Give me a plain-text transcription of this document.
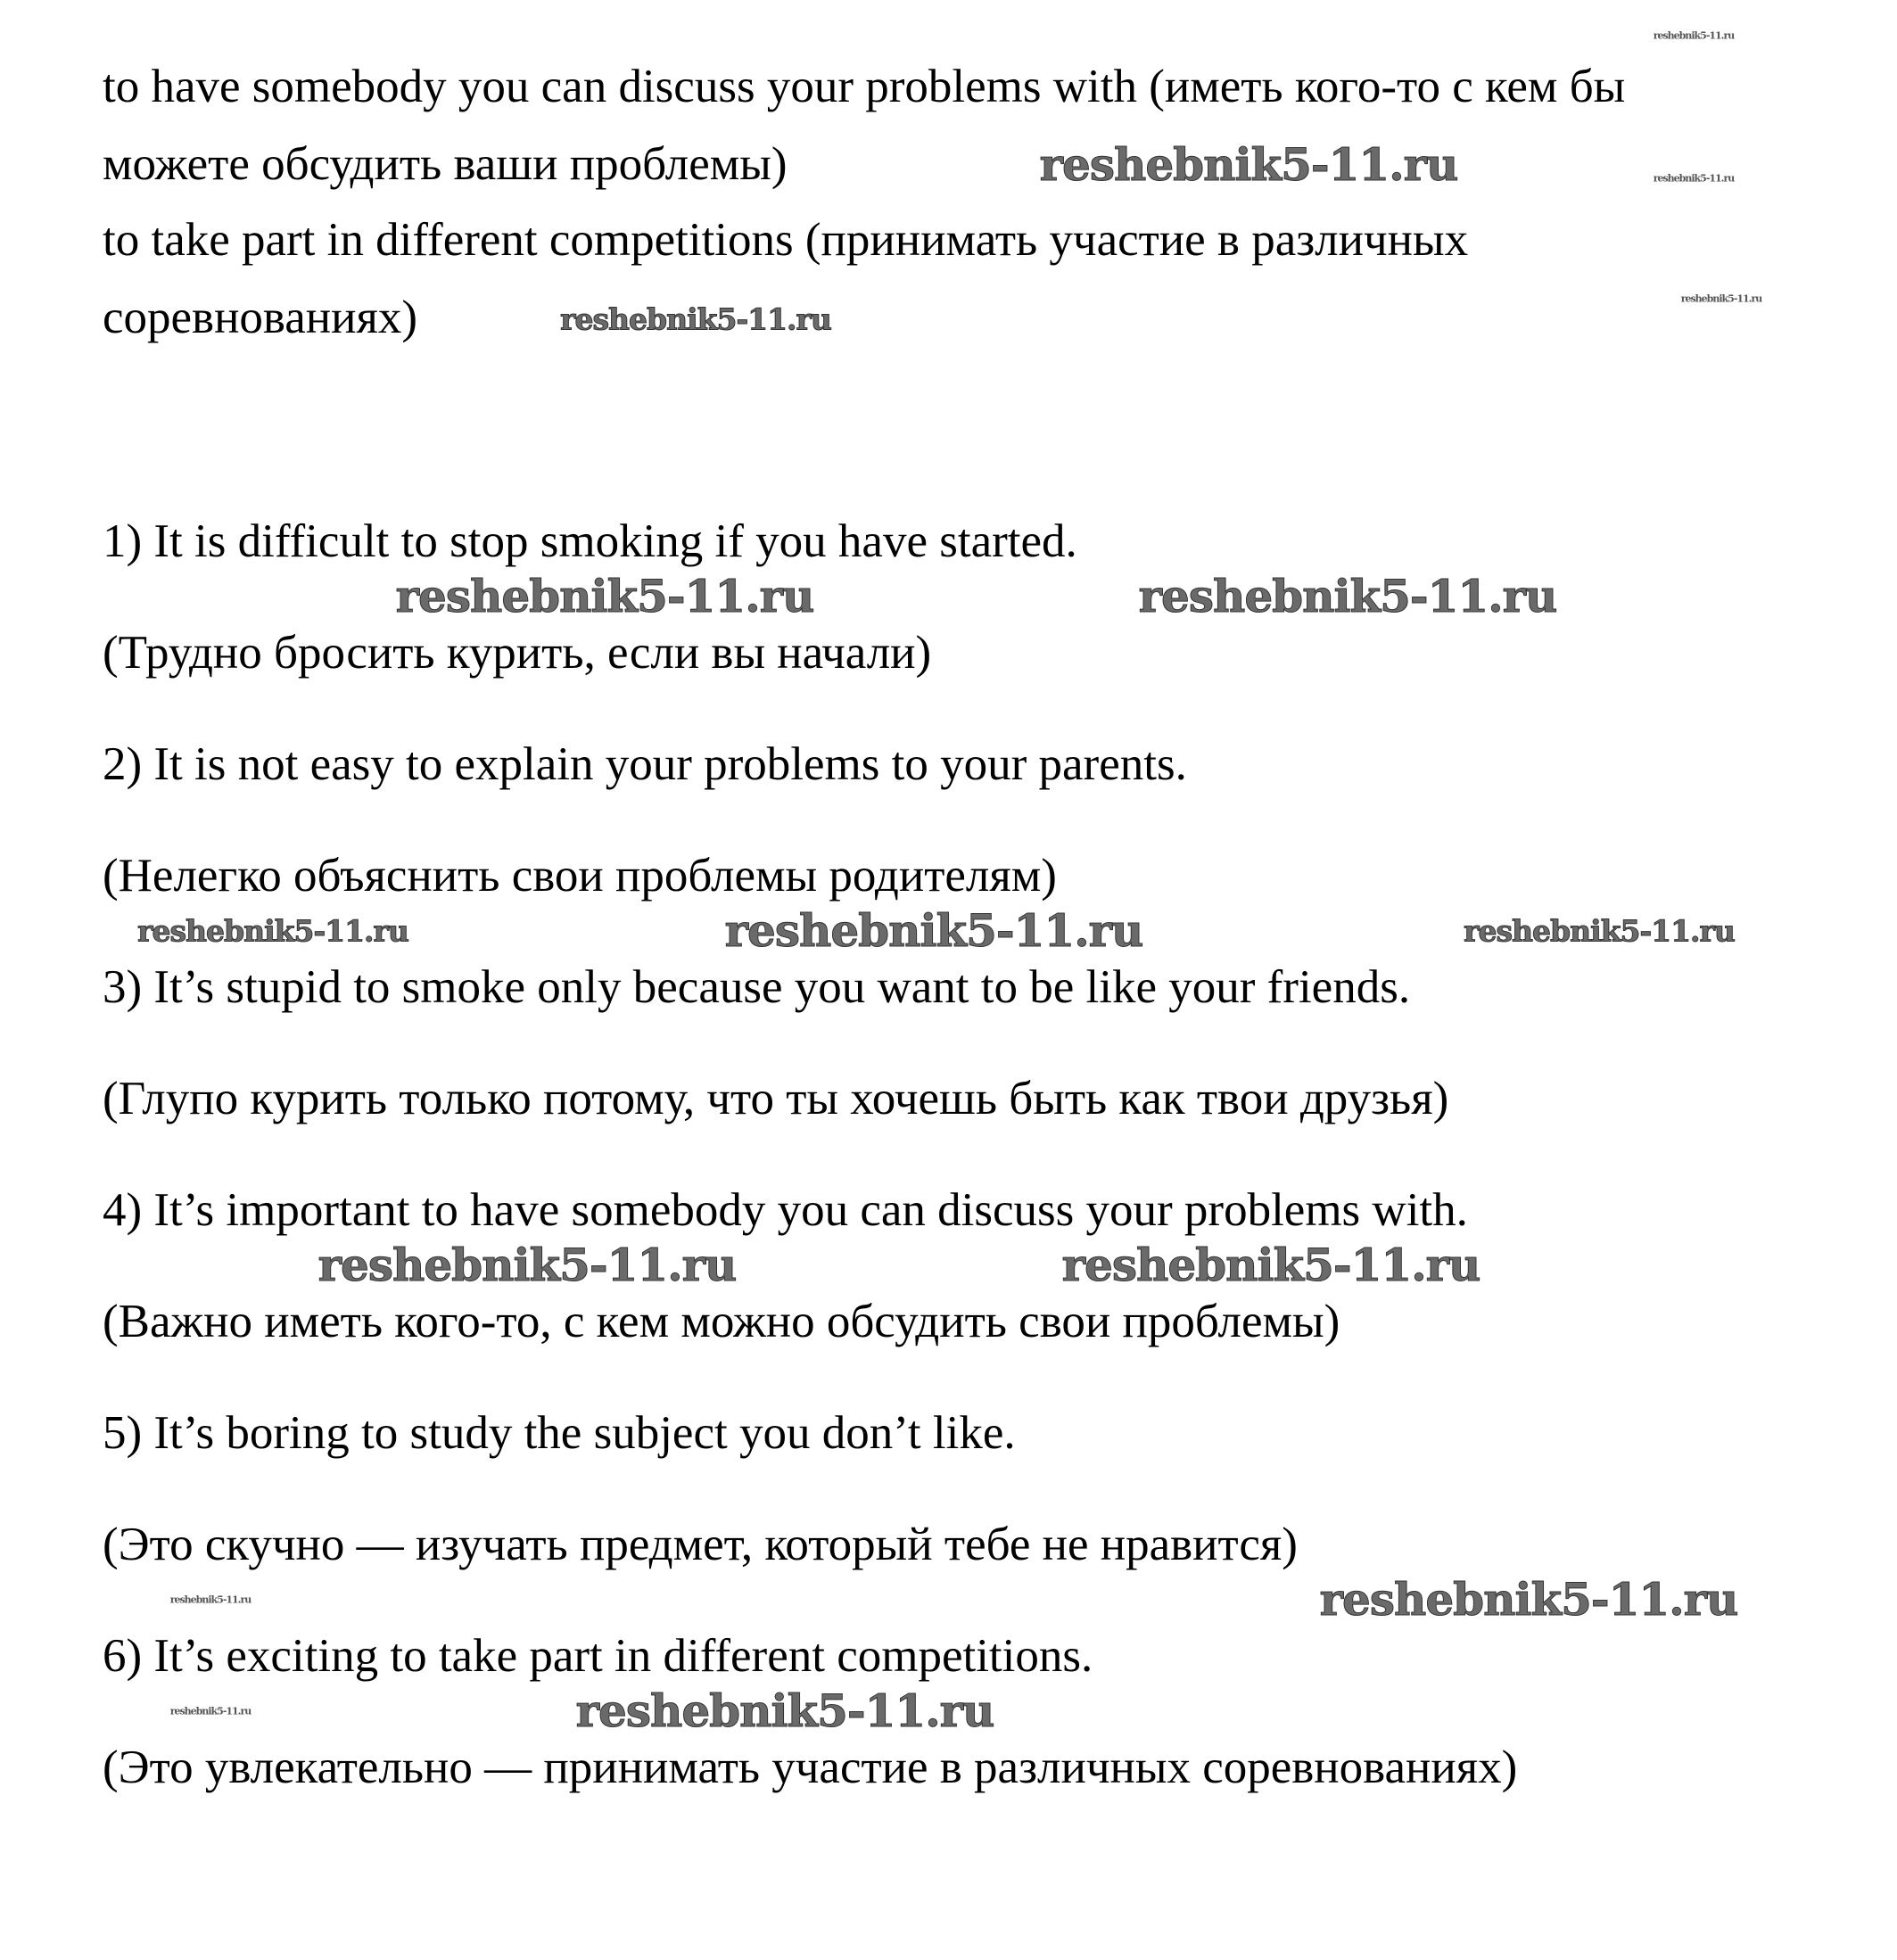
to have somebody you can discuss your problems with (иметь кого-то с кем бы
можете обсудить ваши проблемы)
to take part in different competitions (принимать участие в различных
соревнованиях)
1) It is difficult to stop smoking if you have started.
(Трудно бросить курить, если вы начали)
2) It is not easy to explain your problems to your parents.
(Нелегко объяснить свои проблемы родителям)
3) It’s stupid to smoke only because you want to be like your friends.
(Глупо курить только потому, что ты хочешь быть как твои друзья)
4) It’s important to have somebody you can discuss your problems with.
(Важно иметь кого-то, с кем можно обсудить свои проблемы)
5) It’s boring to study the subject you don’t like.
(Это скучно — изучать предмет, который тебе не нравится)
6) It’s exciting to take part in different competitions.
(Это увлекательно — принимать участие в различных соревнованиях)
reshebnik5-11.ru
reshebnik5-11.ru
reshebnik5-11.ru	reshebnik5-11.ru
reshebnik5-11.ru	reshebnik5-11.ru
reshebnik5-11.ru
reshebnik5-11.ru	reshebnik5-11.ru
reshebnik5-11.ru
reshebnik5-11.ru
reshebnik5-11.ru
reshebnik5-11.ru
reshebnik5-11.ru
reshebnik5-11.ru
reshebnik5-11.ru
